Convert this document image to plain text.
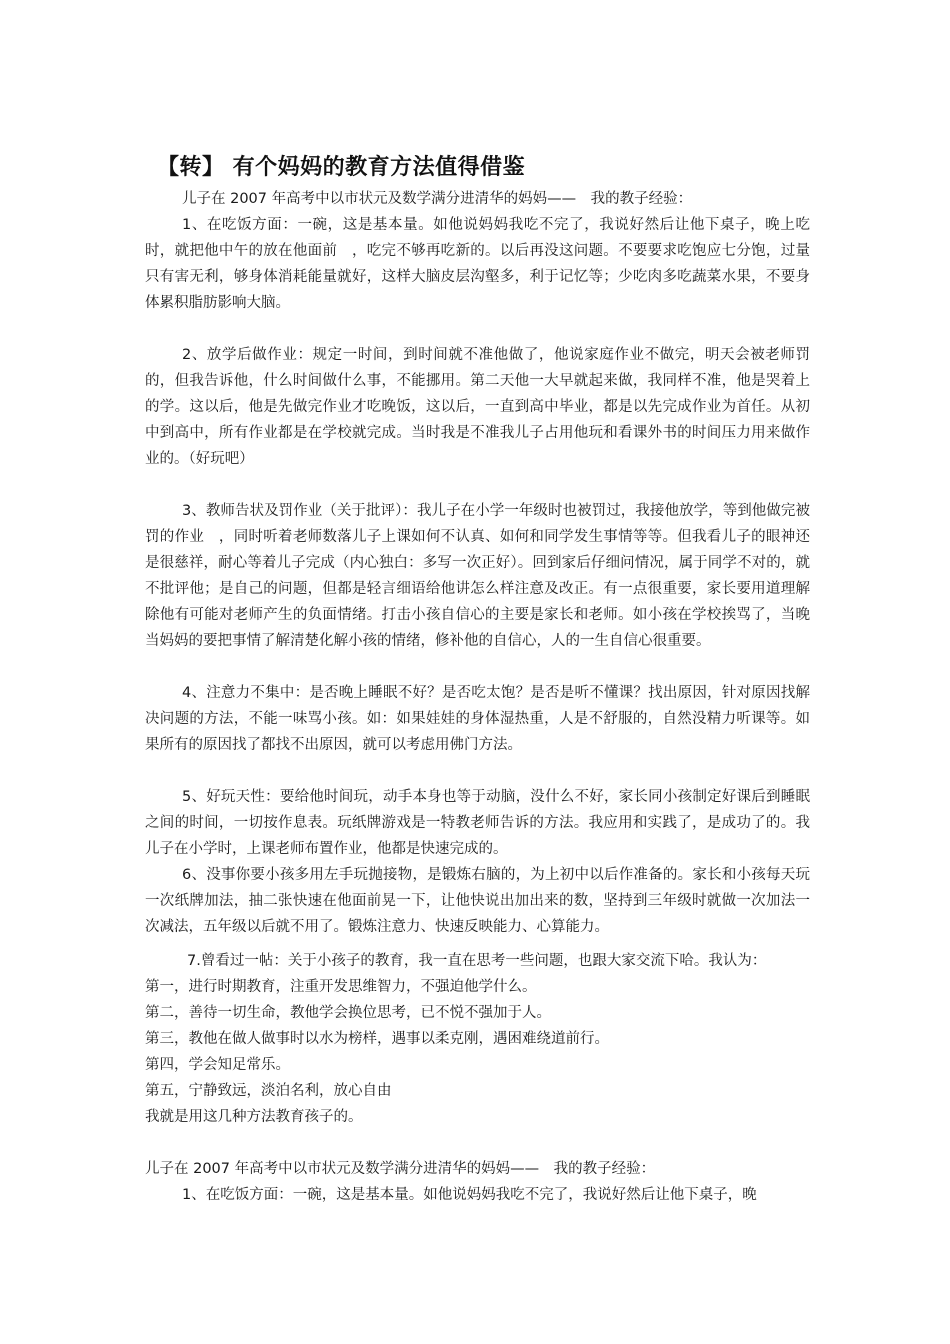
【转】 有个妈妈的教育方法值得借鉴
儿子在 2007 年高考中以市状元及数学满分进清华的妈妈——　我的教子经验：

1、在吃饭方面：一碗，这是基本量。如他说妈妈我吃不完了，我说好然后让他下桌子，晚上吃时，就把他中午的放在他面前　，吃完不够再吃新的。以后再没这问题。不要要求吃饱应七分饱，过量只有害无利，够身体消耗能量就好，这样大脑皮层沟壑多，利于记忆等；少吃肉多吃蔬菜水果，不要身体累积脂肪影响大脑。

2、放学后做作业：规定一时间，到时间就不准他做了，他说家庭作业不做完，明天会被老师罚的，但我告诉他，什么时间做什么事，不能挪用。第二天他一大早就起来做，我同样不准，他是哭着上的学。这以后，他是先做完作业才吃晚饭，这以后，一直到高中毕业，都是以先完成作业为首任。从初中到高中，所有作业都是在学校就完成。当时我是不准我儿子占用他玩和看课外书的时间压力用来做作业的。（好玩吧）

3、教师告状及罚作业（关于批评）：我儿子在小学一年级时也被罚过，我接他放学，等到他做完被罚的作业　，同时听着老师数落儿子上课如何不认真、如何和同学发生事情等等。但我看儿子的眼神还是很慈祥，耐心等着儿子完成（内心独白：多写一次正好）。回到家后仔细问情况，属于同学不对的，就不批评他；是自己的问题，但都是轻言细语给他讲怎么样注意及改正。有一点很重要，家长要用道理解除他有可能对老师产生的负面情绪。打击小孩自信心的主要是家长和老师。如小孩在学校挨骂了，当晚当妈妈的要把事情了解清楚化解小孩的情绪，修补他的自信心，人的一生自信心很重要。

4、注意力不集中：是否晚上睡眠不好？是否吃太饱？是否是听不懂课？找出原因，针对原因找解决问题的方法，不能一味骂小孩。如：如果娃娃的身体湿热重，人是不舒服的，自然没精力听课等。如果所有的原因找了都找不出原因，就可以考虑用佛门方法。

5、好玩天性：要给他时间玩，动手本身也等于动脑，没什么不好，家长同小孩制定好课后到睡眠之间的时间，一切按作息表。玩纸牌游戏是一特教老师告诉的方法。我应用和实践了，是成功了的。我儿子在小学时，上课老师布置作业，他都是快速完成的。

6、没事你要小孩多用左手玩抛接物，是锻炼右脑的，为上初中以后作准备的。家长和小孩每天玩一次纸牌加法，抽二张快速在他面前晃一下，让他快说出加出来的数，坚持到三年级时就做一次加法一次减法，五年级以后就不用了。锻炼注意力、快速反映能力、心算能力。

7.曾看过一帖：关于小孩子的教育，我一直在思考一些问题，也跟大家交流下哈。我认为：

第一，进行时期教育，注重开发思维智力，不强迫他学什么。

第二，善待一切生命，教他学会换位思考，已不悦不强加于人。

第三，教他在做人做事时以水为榜样，遇事以柔克刚，遇困难绕道前行。

第四，学会知足常乐。

第五，宁静致远，淡泊名利，放心自由

我就是用这几种方法教育孩子的。

儿子在 2007 年高考中以市状元及数学满分进清华的妈妈——　我的教子经验：

1、在吃饭方面：一碗，这是基本量。如他说妈妈我吃不完了，我说好然后让他下桌子，晚
